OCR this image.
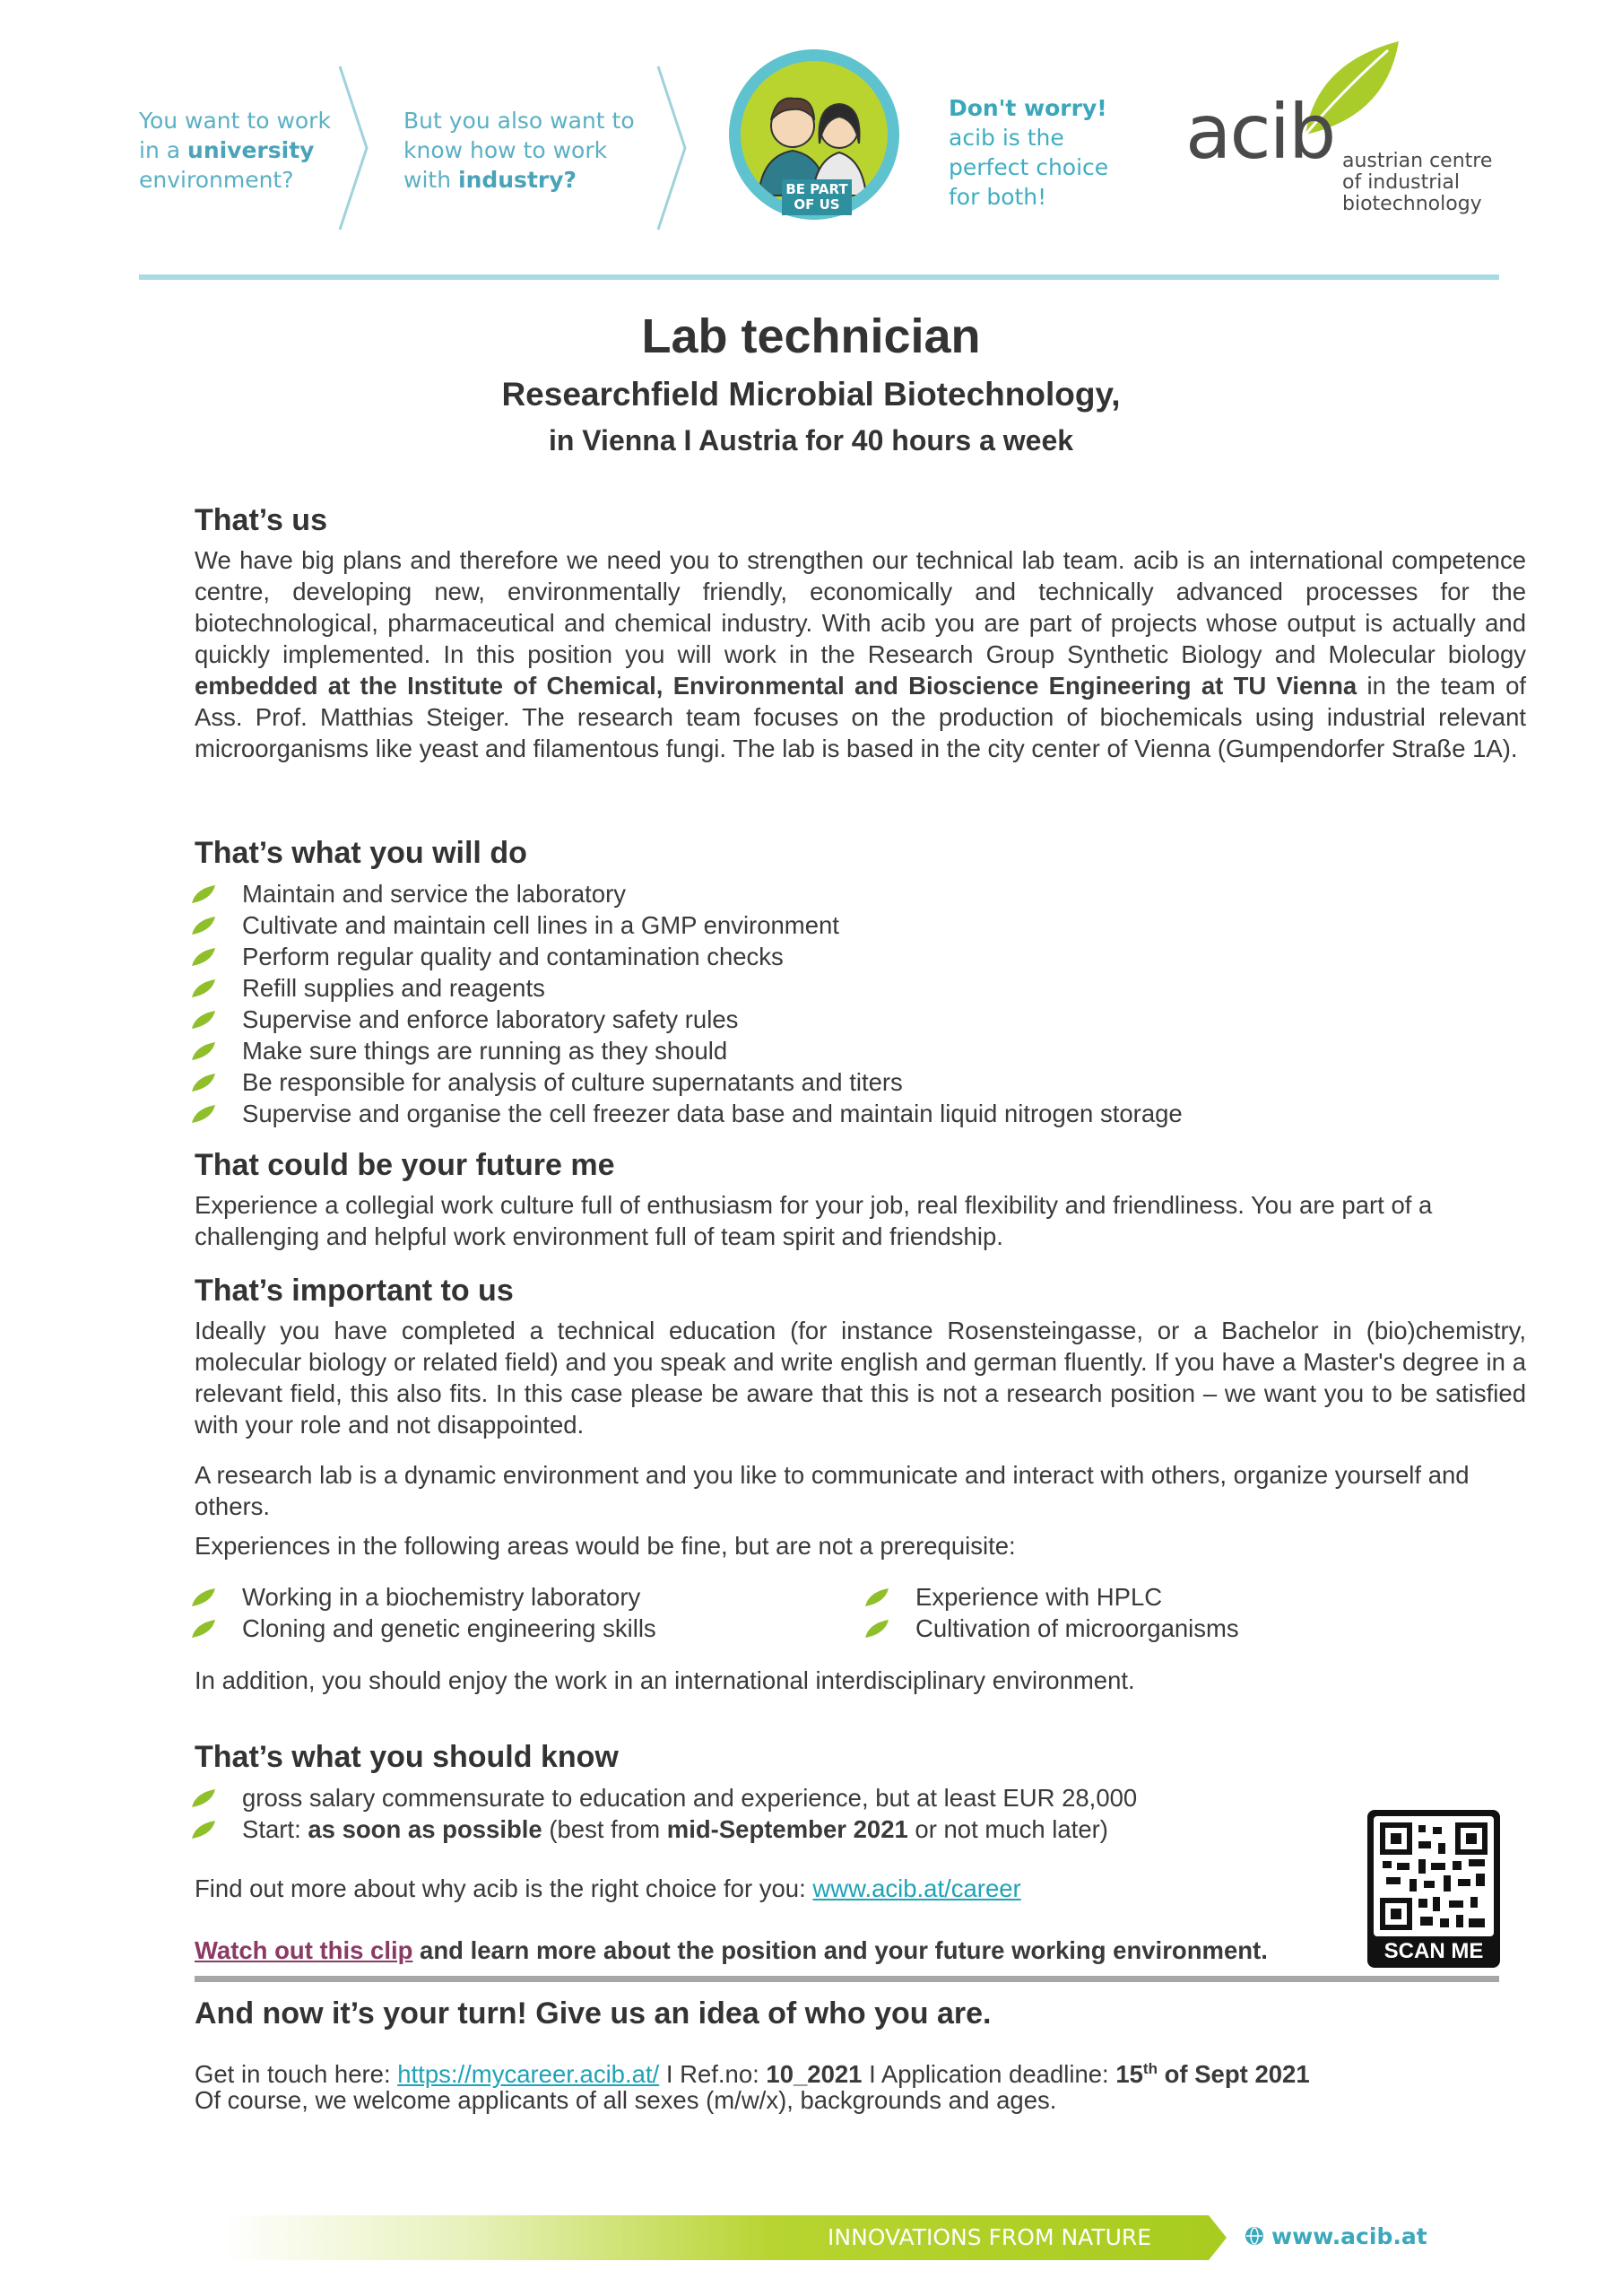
You want to work
in a university
environment?
But you also want to
know how to work
with industry?	BE PART
OF US
Don't worry!
acib is the
perfect choice
for both!
acib austrian centre
of industrial
biotechnology
Lab technician
Researchfield Microbial Biotechnology,
in Vienna I Austria for 40 hours a week
That’s us

We have big plans and therefore we need you to strengthen our technical lab team. acib is an international competence centre, developing new, environmentally friendly, economically and technically advanced processes for the biotechnological, pharmaceutical and chemical industry. With acib you are part of projects whose output is actually and quickly implemented. In this position you will work in the Research Group Synthetic Biology and Molecular biology embedded at the Institute of Chemical, Environmental and Bioscience Engineering at TU Vienna in the team of Ass. Prof. Matthias Steiger. The research team focuses on the production of biochemicals using industrial relevant microorganisms like yeast and filamentous fungi. The lab is based in the city center of Vienna (Gumpendorfer Straße 1A).

That’s what you will do
Maintain and service the laboratory
Cultivate and maintain cell lines in a GMP environment
Perform regular quality and contamination checks
Refill supplies and reagents
Supervise and enforce laboratory safety rules
Make sure things are running as they should
Be responsible for analysis of culture supernatants and titers
Supervise and organise the cell freezer data base and maintain liquid nitrogen storage
That could be your future me

Experience a collegial work culture full of enthusiasm for your job, real flexibility and friendliness. You are part of a challenging and helpful work environment full of team spirit and friendship.

That’s important to us

Ideally you have completed a technical education (for instance Rosensteingasse, or a Bachelor in (bio)chemistry, molecular biology or related field) and you speak and write english and german fluently. If you have a Master's degree in a relevant field, this also fits. In this case please be aware that this is not a research position – we want you to be satisfied with your role and not disappointed.

A research lab is a dynamic environment and you like to communicate and interact with others, organize yourself and others.

Experiences in the following areas would be fine, but are not a prerequisite:

Working in a biochemistry laboratory
Cloning and genetic engineering skills
Experience with HPLC
Cultivation of microorganisms

In addition, you should enjoy the work in an international interdisciplinary environment.

That’s what you should know
gross salary commensurate to education and experience, but at least EUR 28,000
Start: as soon as possible (best from mid-September 2021 or not much later)

Find out more about why acib is the right choice for you: www.acib.at/career

Watch out this clip and learn more about the position and your future working environment.	SCAN ME
And now it’s your turn! Give us an idea of who you are.

Get in touch here: https://mycareer.acib.at/ I Ref.no: 10_2021 I Application deadline: 15th of Sept 2021

Of course, we welcome applicants of all sexes (m/w/x), backgrounds and ages.

INNOVATIONS FROM NATURE	www.acib.at
